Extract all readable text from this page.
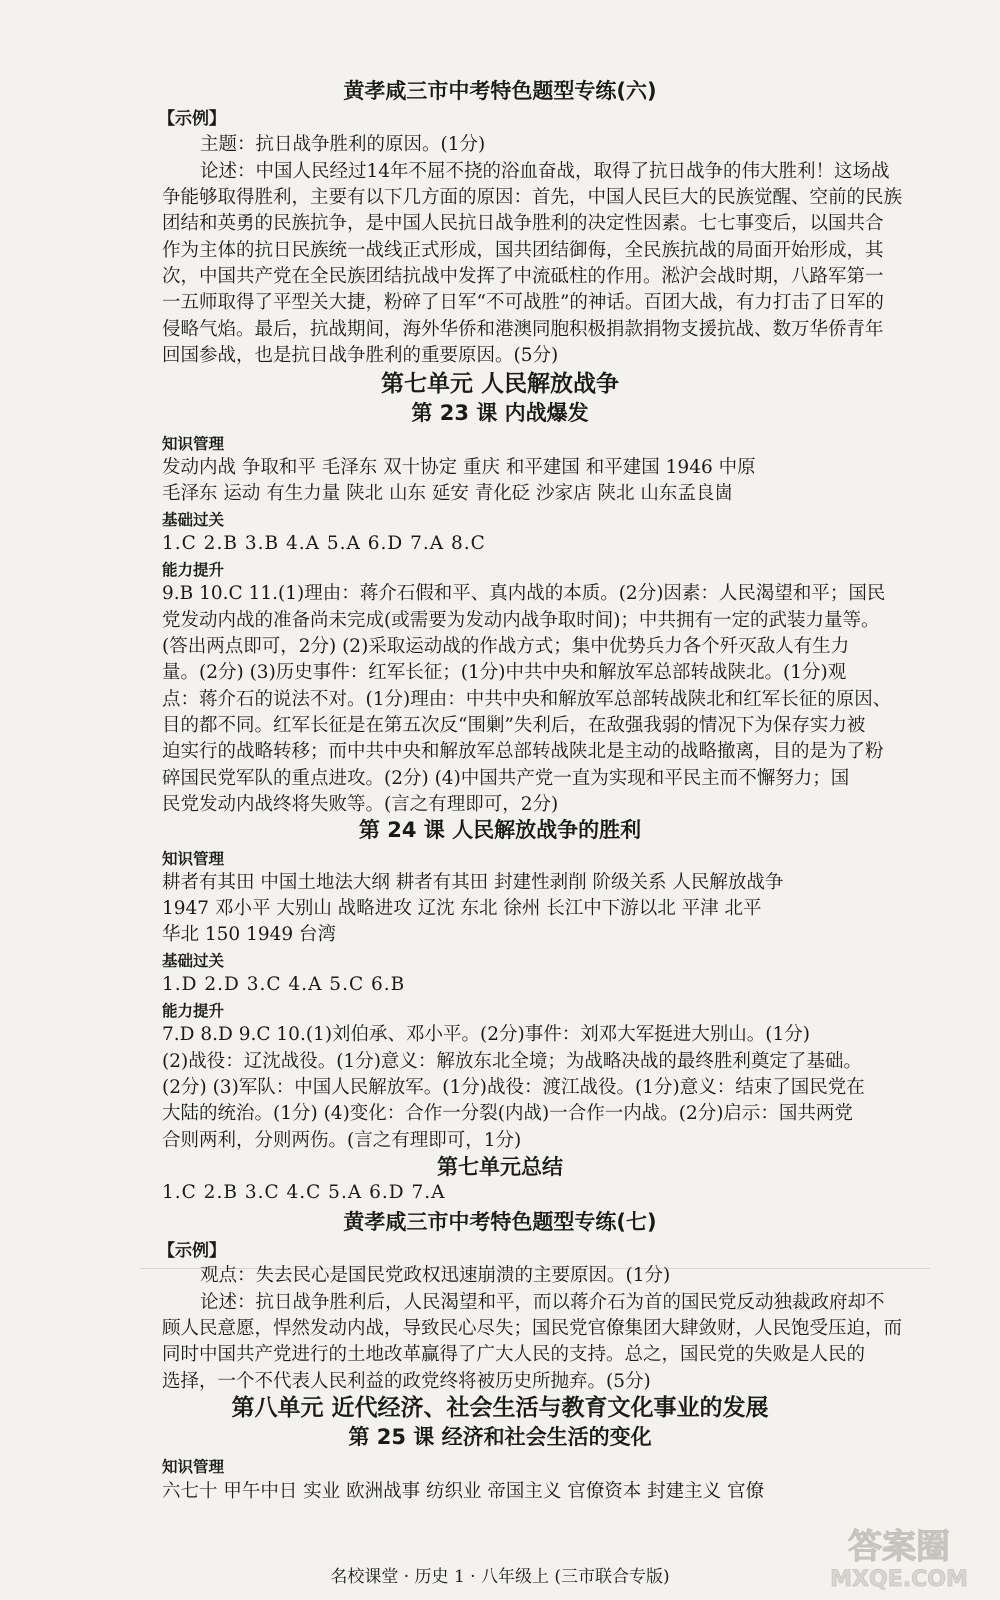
黄孝咸三市中考特色题型专练(六)
【示例】
主题：抗日战争胜利的原因。(1分)
论述：中国人民经过14年不屈不挠的浴血奋战，取得了抗日战争的伟大胜利！这场战
争能够取得胜利，主要有以下几方面的原因：首先，中国人民巨大的民族觉醒、空前的民族
团结和英勇的民族抗争，是中国人民抗日战争胜利的决定性因素。七七事变后，以国共合
作为主体的抗日民族统一战线正式形成，国共团结御侮，全民族抗战的局面开始形成，其
次，中国共产党在全民族团结抗战中发挥了中流砥柱的作用。淞沪会战时期，八路军第一
一五师取得了平型关大捷，粉碎了日军“不可战胜”的神话。百团大战，有力打击了日军的
侵略气焰。最后，抗战期间，海外华侨和港澳同胞积极捐款捐物支援抗战、数万华侨青年
回国参战，也是抗日战争胜利的重要原因。(5分)
第七单元 人民解放战争
第 23 课 内战爆发
知识管理
发动内战 争取和平 毛泽东 双十协定 重庆 和平建国 和平建国 1946 中原
毛泽东 运动 有生力量 陕北 山东 延安 青化砭 沙家店 陕北 山东孟良崮
基础过关
1.C 2.B 3.B 4.A 5.A 6.D 7.A 8.C
能力提升
9.B 10.C 11.(1)理由：蒋介石假和平、真内战的本质。(2分)因素：人民渴望和平；国民
党发动内战的准备尚未完成(或需要为发动内战争取时间)；中共拥有一定的武装力量等。
(答出两点即可，2分) (2)采取运动战的作战方式；集中优势兵力各个歼灭敌人有生力
量。(2分) (3)历史事件：红军长征；(1分)中共中央和解放军总部转战陕北。(1分)观
点：蒋介石的说法不对。(1分)理由：中共中央和解放军总部转战陕北和红军长征的原因、
目的都不同。红军长征是在第五次反“围剿”失利后，在敌强我弱的情况下为保存实力被
迫实行的战略转移；而中共中央和解放军总部转战陕北是主动的战略撤离，目的是为了粉
碎国民党军队的重点进攻。(2分) (4)中国共产党一直为实现和平民主而不懈努力；国
民党发动内战终将失败等。(言之有理即可，2分)
第 24 课 人民解放战争的胜利
知识管理
耕者有其田 中国土地法大纲 耕者有其田 封建性剥削 阶级关系 人民解放战争
1947 邓小平 大别山 战略进攻 辽沈 东北 徐州 长江中下游以北 平津 北平
华北 150 1949 台湾
基础过关
1.D 2.D 3.C 4.A 5.C 6.B
能力提升
7.D 8.D 9.C 10.(1)刘伯承、邓小平。(2分)事件：刘邓大军挺进大别山。(1分)
(2)战役：辽沈战役。(1分)意义：解放东北全境；为战略决战的最终胜利奠定了基础。
(2分) (3)军队：中国人民解放军。(1分)战役：渡江战役。(1分)意义：结束了国民党在
大陆的统治。(1分) (4)变化：合作一分裂(内战)一合作一内战。(2分)启示：国共两党
合则两利，分则两伤。(言之有理即可，1分)
第七单元总结
1.C 2.B 3.C 4.C 5.A 6.D 7.A
黄孝咸三市中考特色题型专练(七)
【示例】
观点：失去民心是国民党政权迅速崩溃的主要原因。(1分)
论述：抗日战争胜利后，人民渴望和平，而以蒋介石为首的国民党反动独裁政府却不
顾人民意愿，悍然发动内战，导致民心尽失；国民党官僚集团大肆敛财，人民饱受压迫，而
同时中国共产党进行的土地改革赢得了广大人民的支持。总之，国民党的失败是人民的
选择，一个不代表人民利益的政党终将被历史所抛弃。(5分)
第八单元 近代经济、社会生活与教育文化事业的发展
第 25 课 经济和社会生活的变化
知识管理
六七十 甲午中日 实业 欧洲战事 纺织业 帝国主义 官僚资本 封建主义 官僚
名校课堂 · 历史 1 · 八年级上 (三市联合专版)
答案圈
MXQE.COM
